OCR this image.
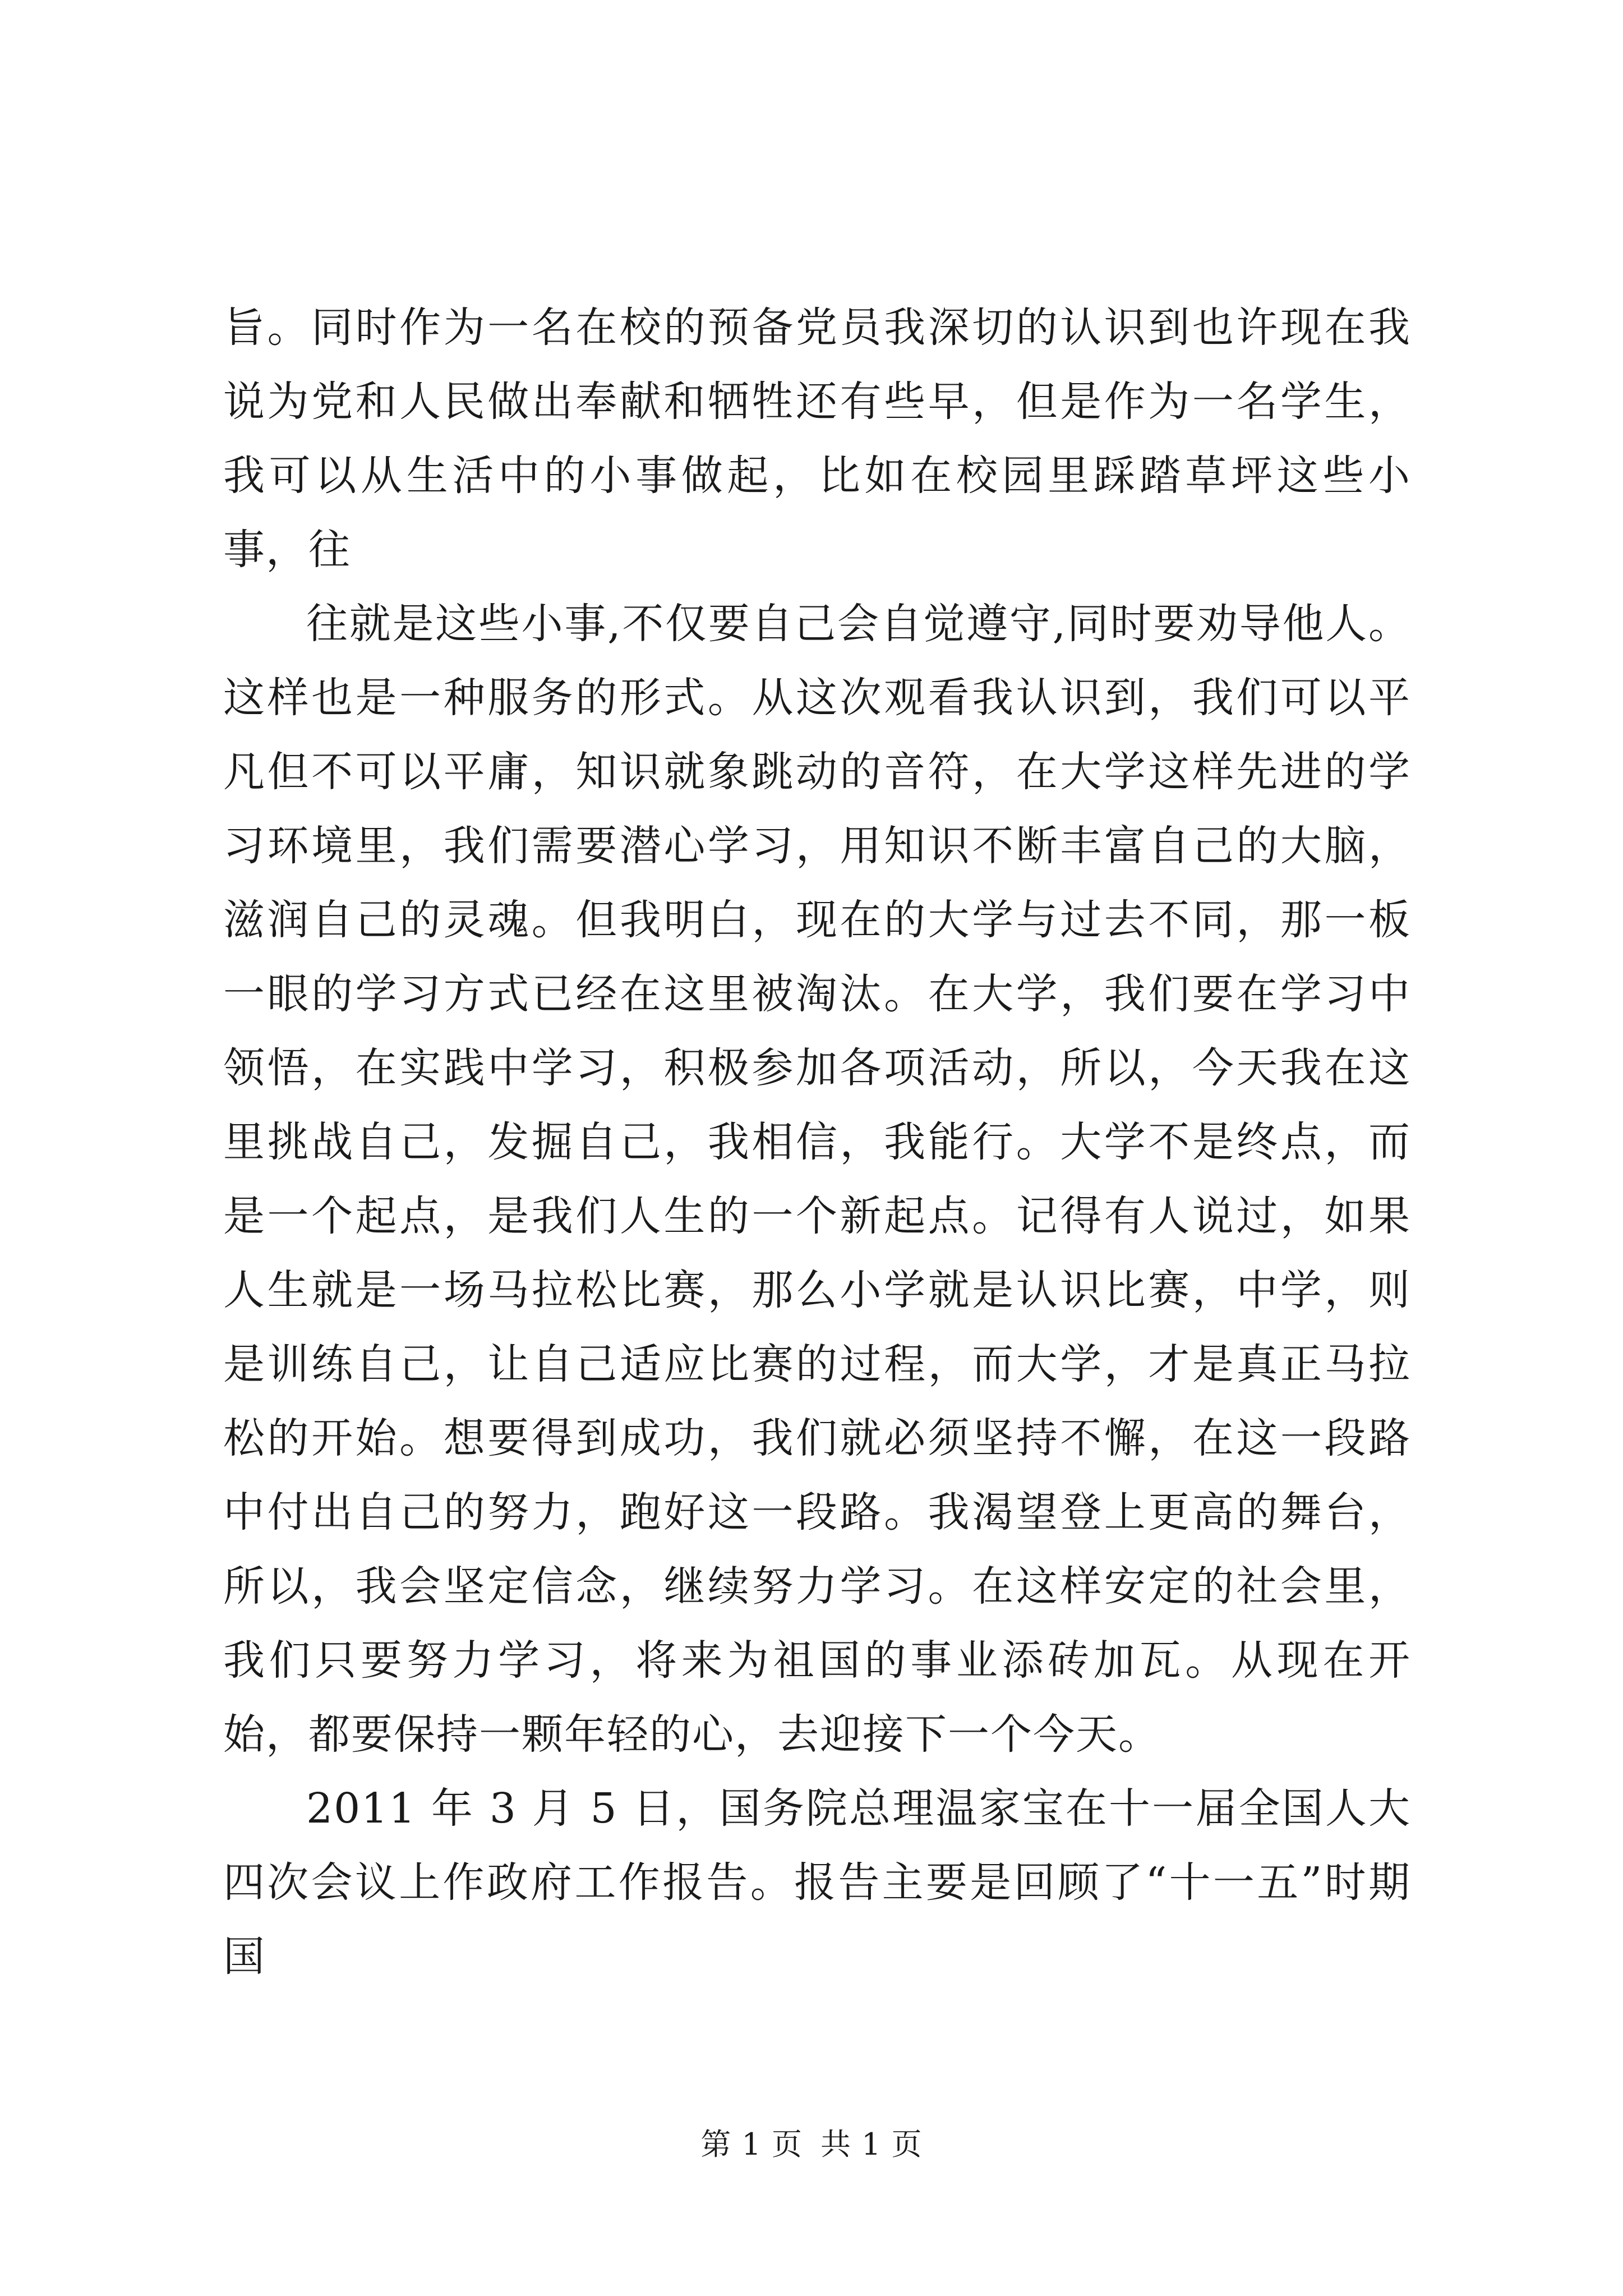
旨。同时作为一名在校的预备党员我深切的认识到也许现在我说为党和人民做出奉献和牺牲还有些早，但是作为一名学生，我可以从生活中的小事做起，比如在校园里踩踏草坪这些小事，往

往就是这些小事,不仅要自己会自觉遵守,同时要劝导他人。这样也是一种服务的形式。从这次观看我认识到，我们可以平凡但不可以平庸，知识就象跳动的音符，在大学这样先进的学习环境里，我们需要潜心学习，用知识不断丰富自己的大脑，滋润自己的灵魂。但我明白，现在的大学与过去不同，那一板一眼的学习方式已经在这里被淘汰。在大学，我们要在学习中领悟，在实践中学习，积极参加各项活动，所以，今天我在这里挑战自己，发掘自己，我相信，我能行。大学不是终点，而是一个起点，是我们人生的一个新起点。记得有人说过，如果人生就是一场马拉松比赛，那么小学就是认识比赛，中学，则是训练自己，让自己适应比赛的过程，而大学，才是真正马拉松的开始。想要得到成功，我们就必须坚持不懈，在这一段路中付出自己的努力，跑好这一段路。我渴望登上更高的舞台，所以，我会坚定信念，继续努力学习。在这样安定的社会里，我们只要努力学习，将来为祖国的事业添砖加瓦。从现在开始，都要保持一颗年轻的心，去迎接下一个今天。

2011 年 3 月 5 日，国务院总理温家宝在十一届全国人大四次会议上作政府工作报告。报告主要是回顾了“十一五”时期国

第 1 页 共 1 页
